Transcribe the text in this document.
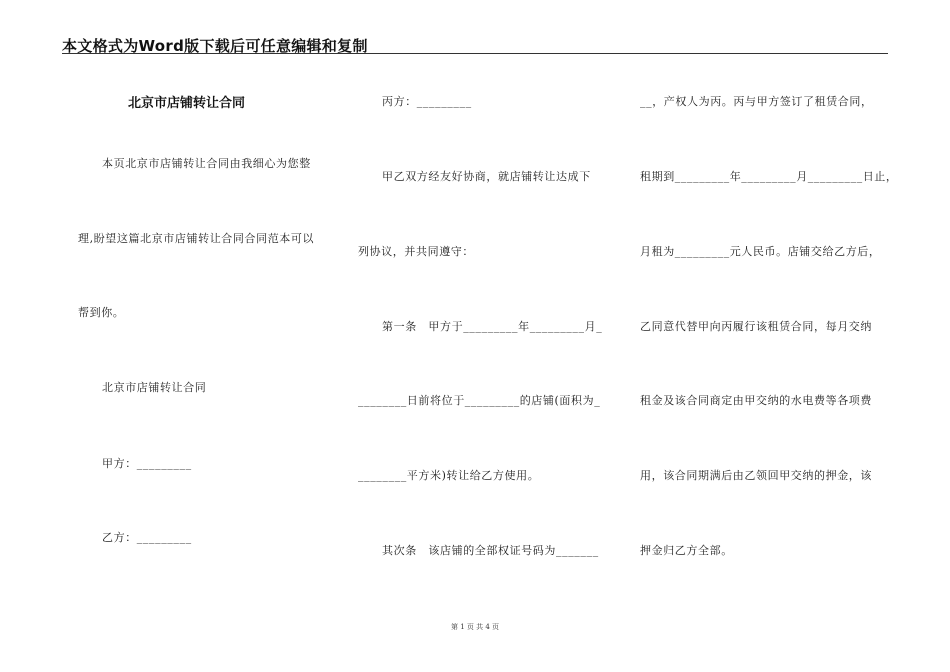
本文格式为Word版下载后可任意编辑和复制
北京市店铺转让合同
本页北京市店铺转让合同由我细心为您整
理,盼望这篇北京市店铺转让合同合同范本可以
帮到你。
北京市店铺转让合同
甲方：_________
乙方：_________
丙方：_________
甲乙双方经友好协商，就店铺转让达成下
列协议，并共同遵守：
第一条　甲方于_________年_________月_
________日前将位于_________的店铺(面积为_
________平方米)转让给乙方使用。
其次条　该店铺的全部权证号码为_______
__，产权人为丙。丙与甲方签订了租赁合同，
租期到_________年_________月_________日止，
月租为_________元人民币。店铺交给乙方后，
乙同意代替甲向丙履行该租赁合同，每月交纳
租金及该合同商定由甲交纳的水电费等各项费
用，该合同期满后由乙领回甲交纳的押金，该
押金归乙方全部。
第 1 页 共 4 页
